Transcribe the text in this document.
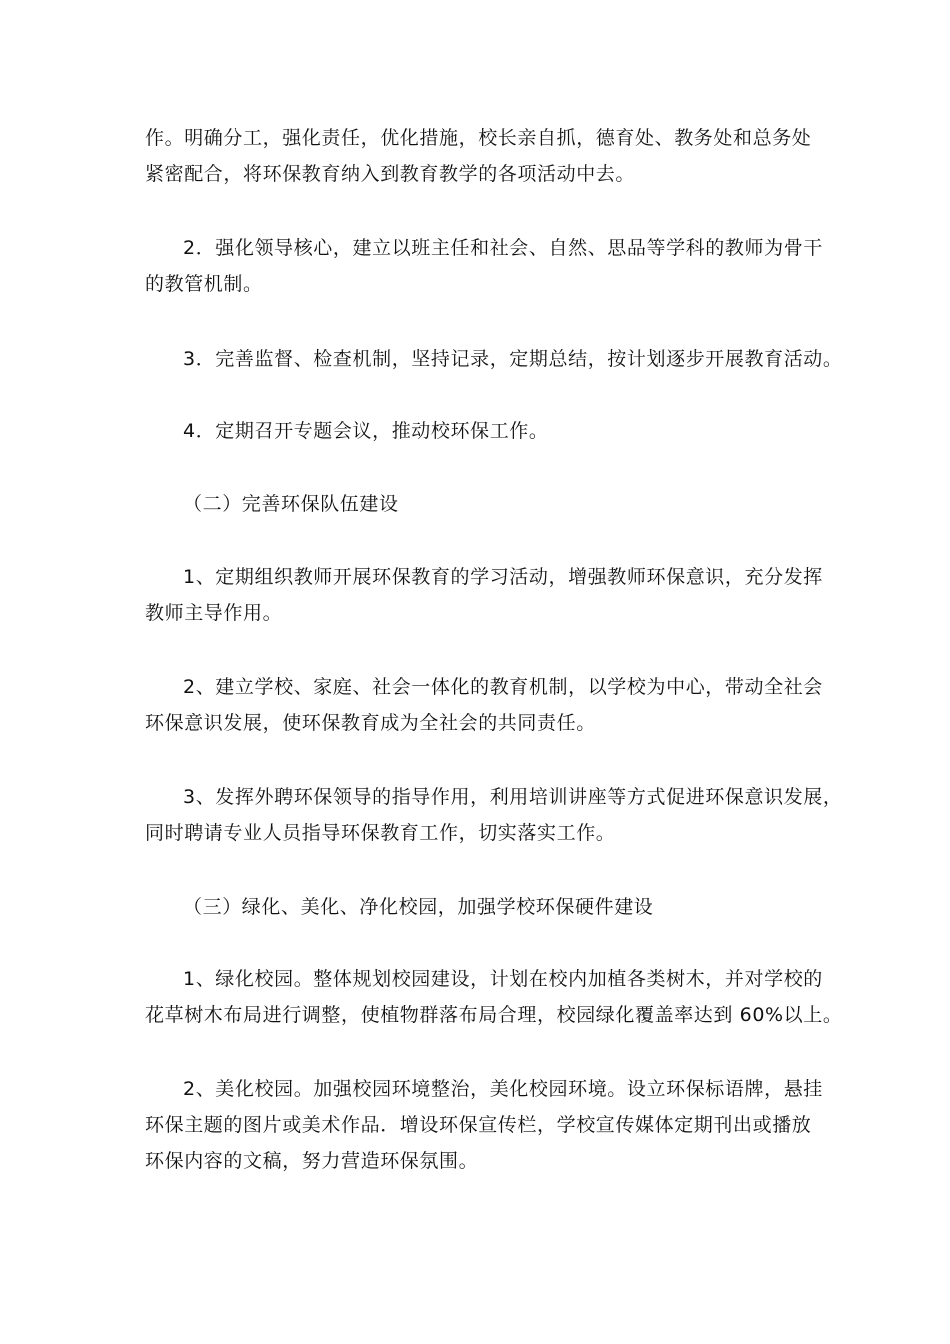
作。明确分工，强化责任，优化措施，校长亲自抓，德育处、教务处和总务处
紧密配合，将环保教育纳入到教育教学的各项活动中去。

2．强化领导核心，建立以班主任和社会、自然、思品等学科的教师为骨干
的教管机制。

3．完善监督、检查机制，坚持记录，定期总结，按计划逐步开展教育活动。

4．定期召开专题会议，推动校环保工作。

（二）完善环保队伍建设

1、定期组织教师开展环保教育的学习活动，增强教师环保意识，充分发挥
教师主导作用。

2、建立学校、家庭、社会一体化的教育机制，以学校为中心，带动全社会
环保意识发展，使环保教育成为全社会的共同责任。

3、发挥外聘环保领导的指导作用，利用培训讲座等方式促进环保意识发展，
同时聘请专业人员指导环保教育工作，切实落实工作。

（三）绿化、美化、净化校园，加强学校环保硬件建设

1、绿化校园。整体规划校园建设，计划在校内加植各类树木，并对学校的
花草树木布局进行调整，使植物群落布局合理，校园绿化覆盖率达到 60%以上。

2、美化校园。加强校园环境整治，美化校园环境。设立环保标语牌，悬挂
环保主题的图片或美术作品．增设环保宣传栏，学校宣传媒体定期刊出或播放
环保内容的文稿，努力营造环保氛围。
